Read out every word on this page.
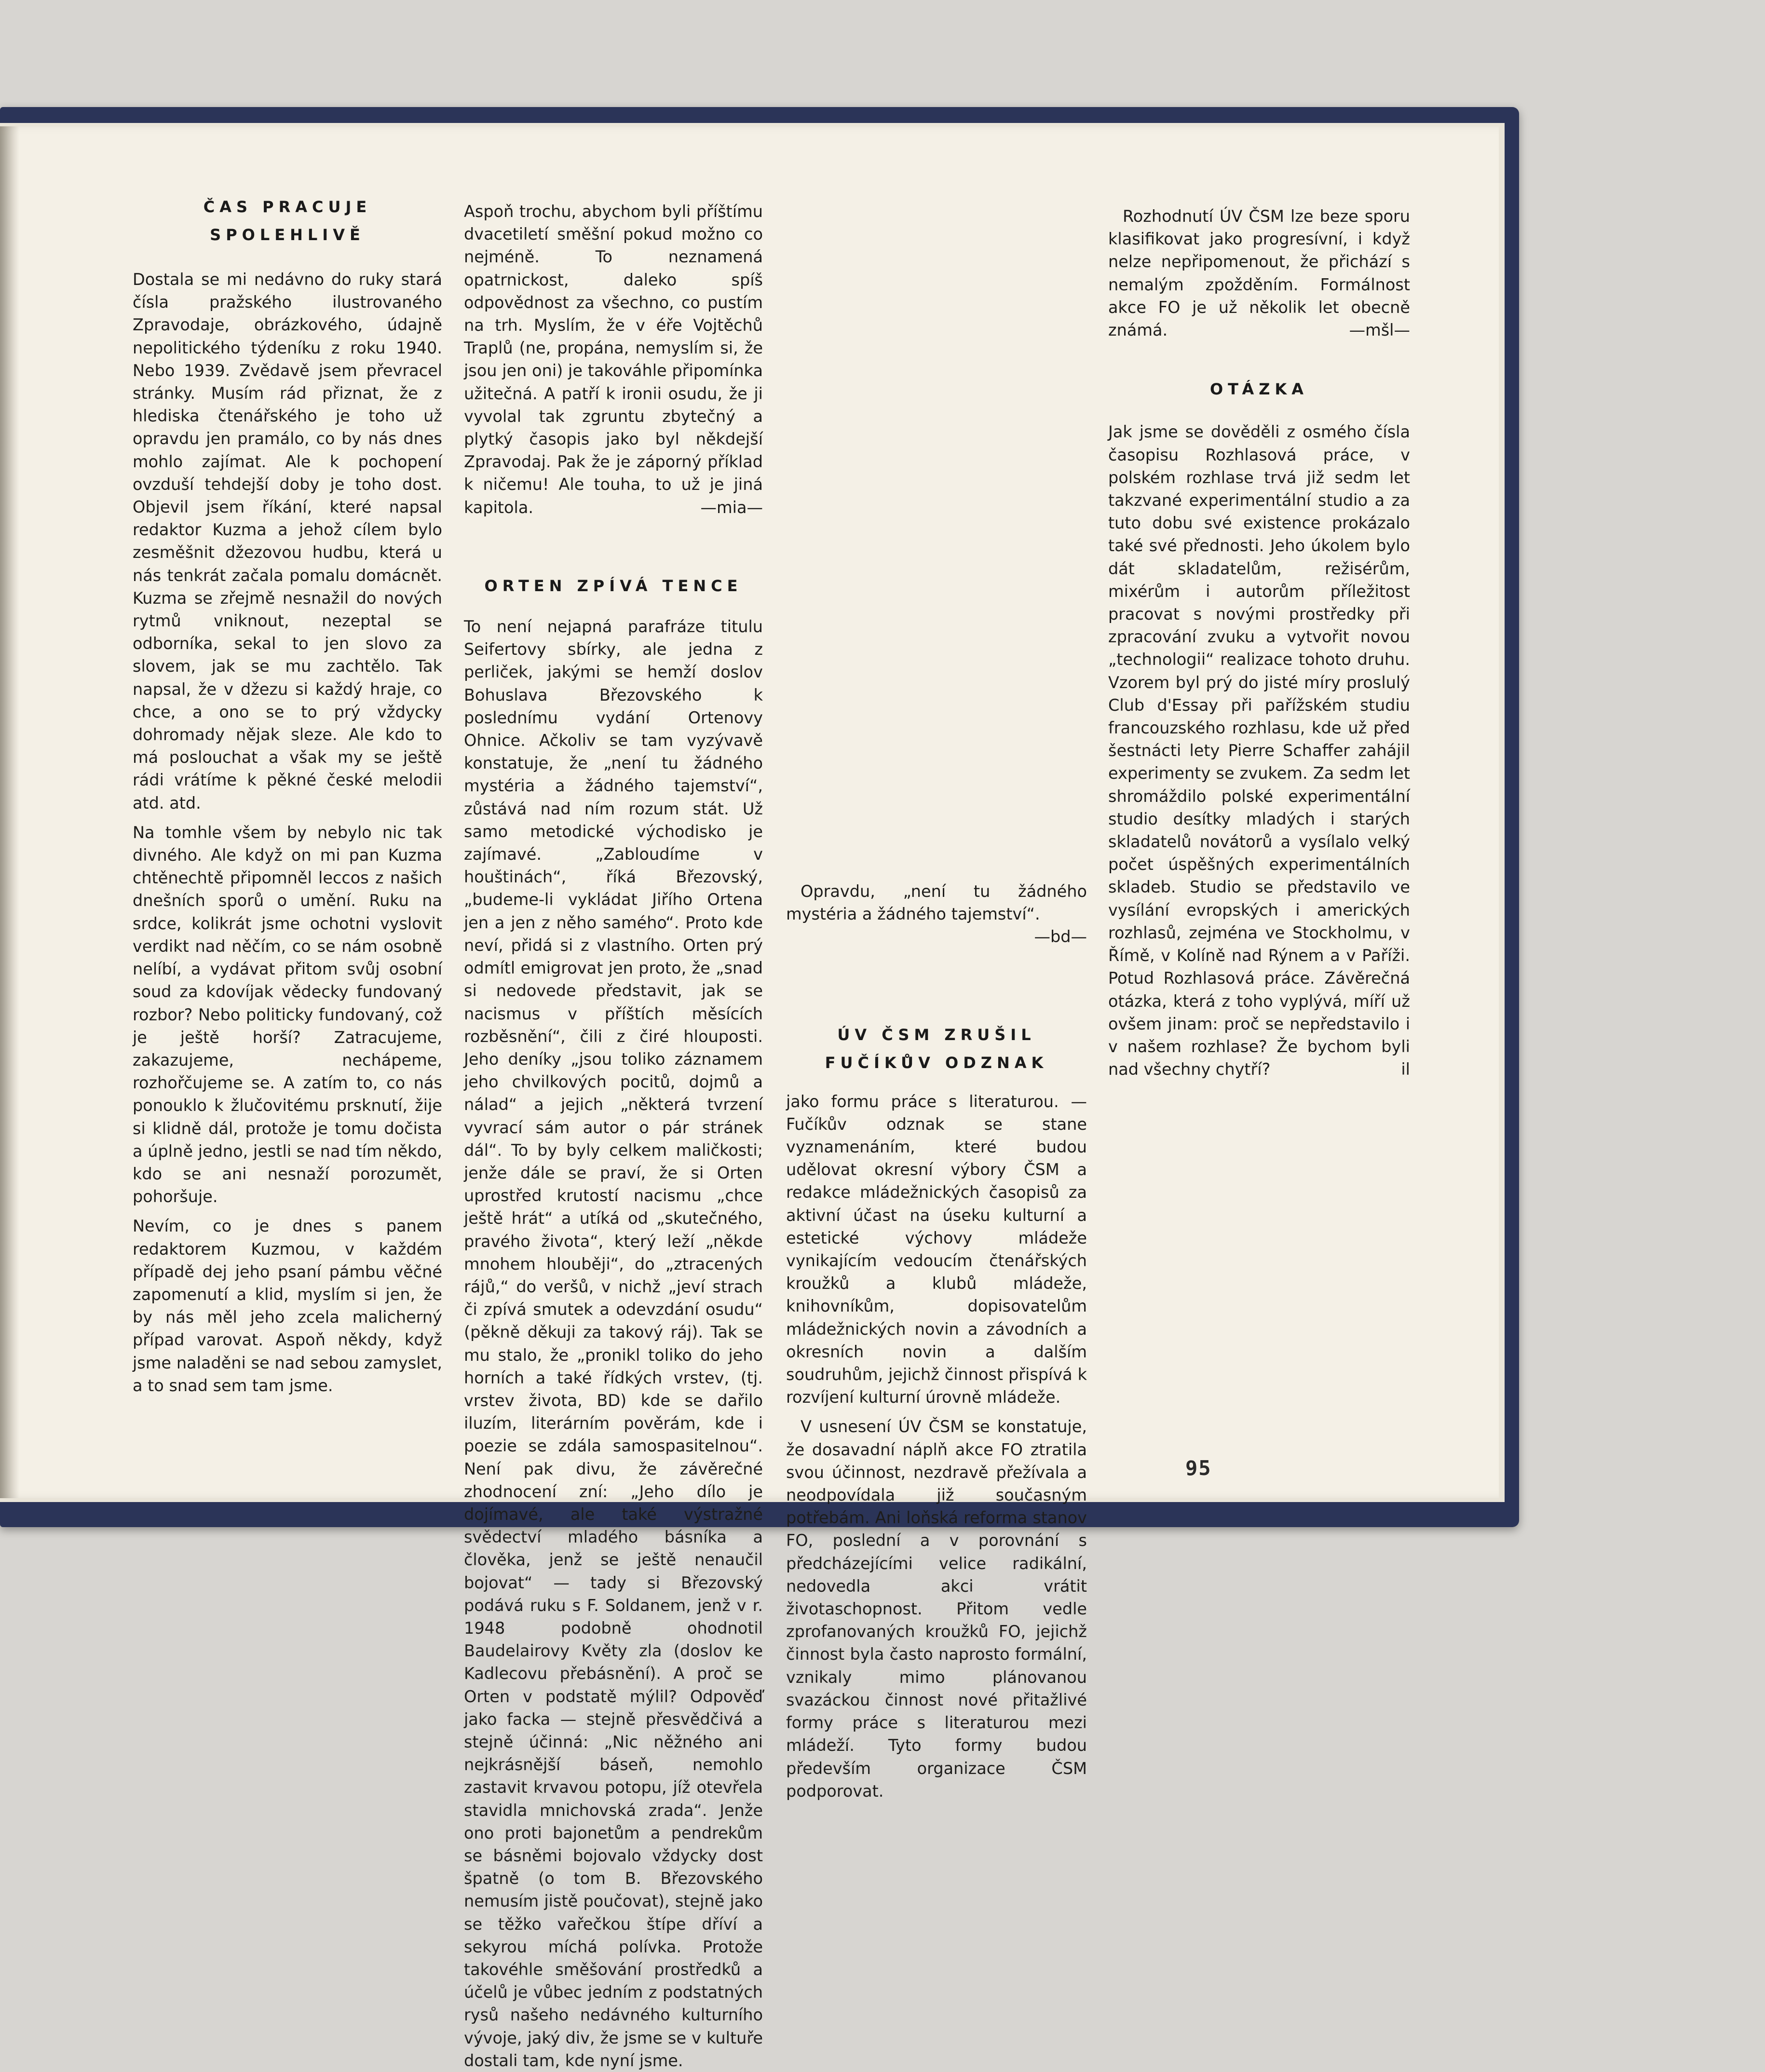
ČAS PRACUJE
SPOLEHLIVĚ

Dostala se mi nedávno do ruky stará čísla pražského ilustrovaného Zpravodaje, obrázkového, údajně nepolitického týdeníku z roku 1940. Nebo 1939. Zvědavě jsem převracel stránky. Musím rád přiznat, že z hlediska čtenářského je toho už opravdu jen pramálo, co by nás dnes mohlo zajímat. Ale k pochopení ovzduší tehdejší doby je toho dost. Objevil jsem říkání, které napsal redaktor Kuzma a jehož cílem bylo zesměšnit džezovou hudbu, která u nás tenkrát začala pomalu domácnět. Kuzma se zřejmě nesnažil do nových rytmů vniknout, nezeptal se odborníka, sekal to jen slovo za slovem, jak se mu zachtělo. Tak napsal, že v džezu si každý hraje, co chce, a ono se to prý vždycky dohromady nějak sleze. Ale kdo to má poslouchat a však my se ještě rádi vrátíme k pěkné české melodii atd. atd.

Na tomhle všem by nebylo nic tak divného. Ale když on mi pan Kuzma chtěnechtě připomněl leccos z našich dnešních sporů o umění. Ruku na srdce, kolikrát jsme ochotni vyslovit verdikt nad něčím, co se nám osobně nelíbí, a vydávat přitom svůj osobní soud za kdovíjak vědecky fundovaný rozbor? Nebo politicky fundovaný, což je ještě horší? Zatracujeme, zakazujeme, nechápeme, rozhořčujeme se. A zatím to, co nás ponouklo k žlučovitému prsknutí, žije si klidně dál, protože je tomu dočista a úplně jedno, jestli se nad tím někdo, kdo se ani nesnaží porozumět, pohoršuje.

Nevím, co je dnes s panem redaktorem Kuzmou, v každém případě dej jeho psaní pámbu věčné zapomenutí a klid, myslím si jen, že by nás měl jeho zcela malicherný případ varovat. Aspoň někdy, když jsme naladěni se nad sebou zamyslet, a to snad sem tam jsme.

Aspoň trochu, abychom byli příštímu dvacetiletí směšní pokud možno co nejméně. To neznamená opatrnickost, daleko spíš odpovědnost za všechno, co pustím na trh. Myslím, že v éře Vojtěchů Traplů (ne, propána, nemyslím si, že jsou jen oni) je takováhle připomínka užitečná. A patří k ironii osudu, že ji vyvolal tak zgruntu zbytečný a plytký časopis jako byl někdejší Zpravodaj. Pak že je záporný příklad k ničemu! Ale touha, to už je jiná kapitola.	—mia—
ORTEN ZPÍVÁ TENCE

To není nejapná parafráze titulu Seifertovy sbírky, ale jedna z perliček, jakými se hemží doslov Bohuslava Březovského k poslednímu vydání Ortenovy Ohnice. Ačkoliv se tam vyzývavě konstatuje, že „není tu žádného mystéria a žádného tajemství“, zůstává nad ním rozum stát. Už samo metodické východisko je zajímavé. „Zabloudíme v houštinách“, říká Březovský, „budeme-li vykládat Jiřího Ortena jen a jen z něho samého“. Proto kde neví, přidá si z vlastního. Orten prý odmítl emigrovat jen proto, že „snad si nedovede představit, jak se nacismus v příštích měsících rozběsnění“, čili z čiré hlouposti. Jeho deníky „jsou toliko záznamem jeho chvilkových pocitů, dojmů a nálad“ a jejich „některá tvrzení vyvrací sám autor o pár stránek dál“. To by byly celkem maličkosti; jenže dále se praví, že si Orten uprostřed krutostí nacismu „chce ještě hrát“ a utíká od „skutečného, pravého života“, který leží „někde mnohem hlouběji“, do „ztracených rájů,“ do veršů, v nichž „jeví strach či zpívá smutek a odevzdání osudu“ (pěkně děkuji za takový ráj). Tak se mu stalo, že „pronikl toliko do jeho horních a také řídkých vrstev, (tj. vrstev života, BD) kde se dařilo iluzím, literárním pověrám, kde i poezie se zdála samospasitelnou“. Není pak divu, že závěrečné zhodnocení zní: „Jeho dílo je dojímavé, ale také výstražné svědectví mladého básníka a člověka, jenž se ještě nenaučil bojovat“ — tady si Březovský podává ruku s F. Soldanem, jenž v r. 1948 podobně ohodnotil Baudelairovy Květy zla (doslov ke Kadlecovu přebásnění). A proč se Orten v podstatě mýlil? Odpověď jako facka — stejně přesvědčivá a stejně účinná: „Nic něžného ani nejkrásnější báseň, nemohlo zastavit krvavou potopu, jíž otevřela stavidla mnichovská zrada“. Jenže ono proti bajonetům a pendrekům se básněmi bojovalo vždycky dost špatně (o tom B. Březovského nemusím jistě poučovat), stejně jako se těžko vařečkou štípe dříví a sekyrou míchá polívka. Protože takovéhle směšování prostředků a účelů je vůbec jedním z podstatných rysů našeho nedávného kulturního vývoje, jaký div, že jsme se v kultuře dostali tam, kde nyní jsme.

Opravdu, „není tu žádného mystéria a žádného tajemství“.

—bd—
ÚV ČSM ZRUŠIL
FUČÍKŮV ODZNAK

jako formu práce s literaturou. — Fučíkův odznak se stane vyznamenáním, které budou udělovat okresní výbory ČSM a redakce mládežnických časopisů za aktivní účast na úseku kulturní a estetické výchovy mládeže vynikajícím vedoucím čtenářských kroužků a klubů mládeže, knihovníkům, dopisovatelům mládežnických novin a závodních a okresních novin a dalším soudruhům, jejichž činnost přispívá k rozvíjení kulturní úrovně mládeže.

V usnesení ÚV ČSM se konstatuje, že dosavadní náplň akce FO ztratila svou účinnost, nezdravě přežívala a neodpovídala již současným potřebám. Ani loňská reforma stanov FO, poslední a v porovnání s předcházejícími velice radikální, nedovedla akci vrátit životaschopnost. Přitom vedle zprofanovaných kroužků FO, jejichž činnost byla často naprosto formální, vznikaly mimo plánovanou svazáckou činnost nové přitažlivé formy práce s literaturou mezi mládeží. Tyto formy budou především organizace ČSM podporovat.

Rozhodnutí ÚV ČSM lze beze sporu klasifikovat jako progresívní, i když nelze nepřipomenout, že přichází s nemalým zpožděním. Formálnost akce FO je už několik let obecně známá.	—mšl—
OTÁZKA

Jak jsme se dověděli z osmého čísla časopisu Rozhlasová práce, v polském rozhlase trvá již sedm let takzvané experimentální studio a za tuto dobu své existence prokázalo také své přednosti. Jeho úkolem bylo dát skladatelům, režisérům, mixérům i autorům příležitost pracovat s novými prostředky při zpracování zvuku a vytvořit novou „technologii“ realizace tohoto druhu. Vzorem byl prý do jisté míry proslulý Club d'Essay při pařížském studiu francouzského rozhlasu, kde už před šestnácti lety Pierre Schaffer zahájil experimenty se zvukem. Za sedm let shromáždilo polské experimentální studio desítky mladých i starých skladatelů novátorů a vysílalo velký počet úspěšných experimentálních skladeb. Studio se představilo ve vysílání evropských i amerických rozhlasů, zejména ve Stockholmu, v Římě, v Kolíně nad Rýnem a v Paříži. Potud Rozhlasová práce. Závěrečná otázka, která z toho vyplývá, míří už ovšem jinam: proč se nepředstavilo i v našem rozhlase? Že bychom byli nad všechny chytří?	il
95
